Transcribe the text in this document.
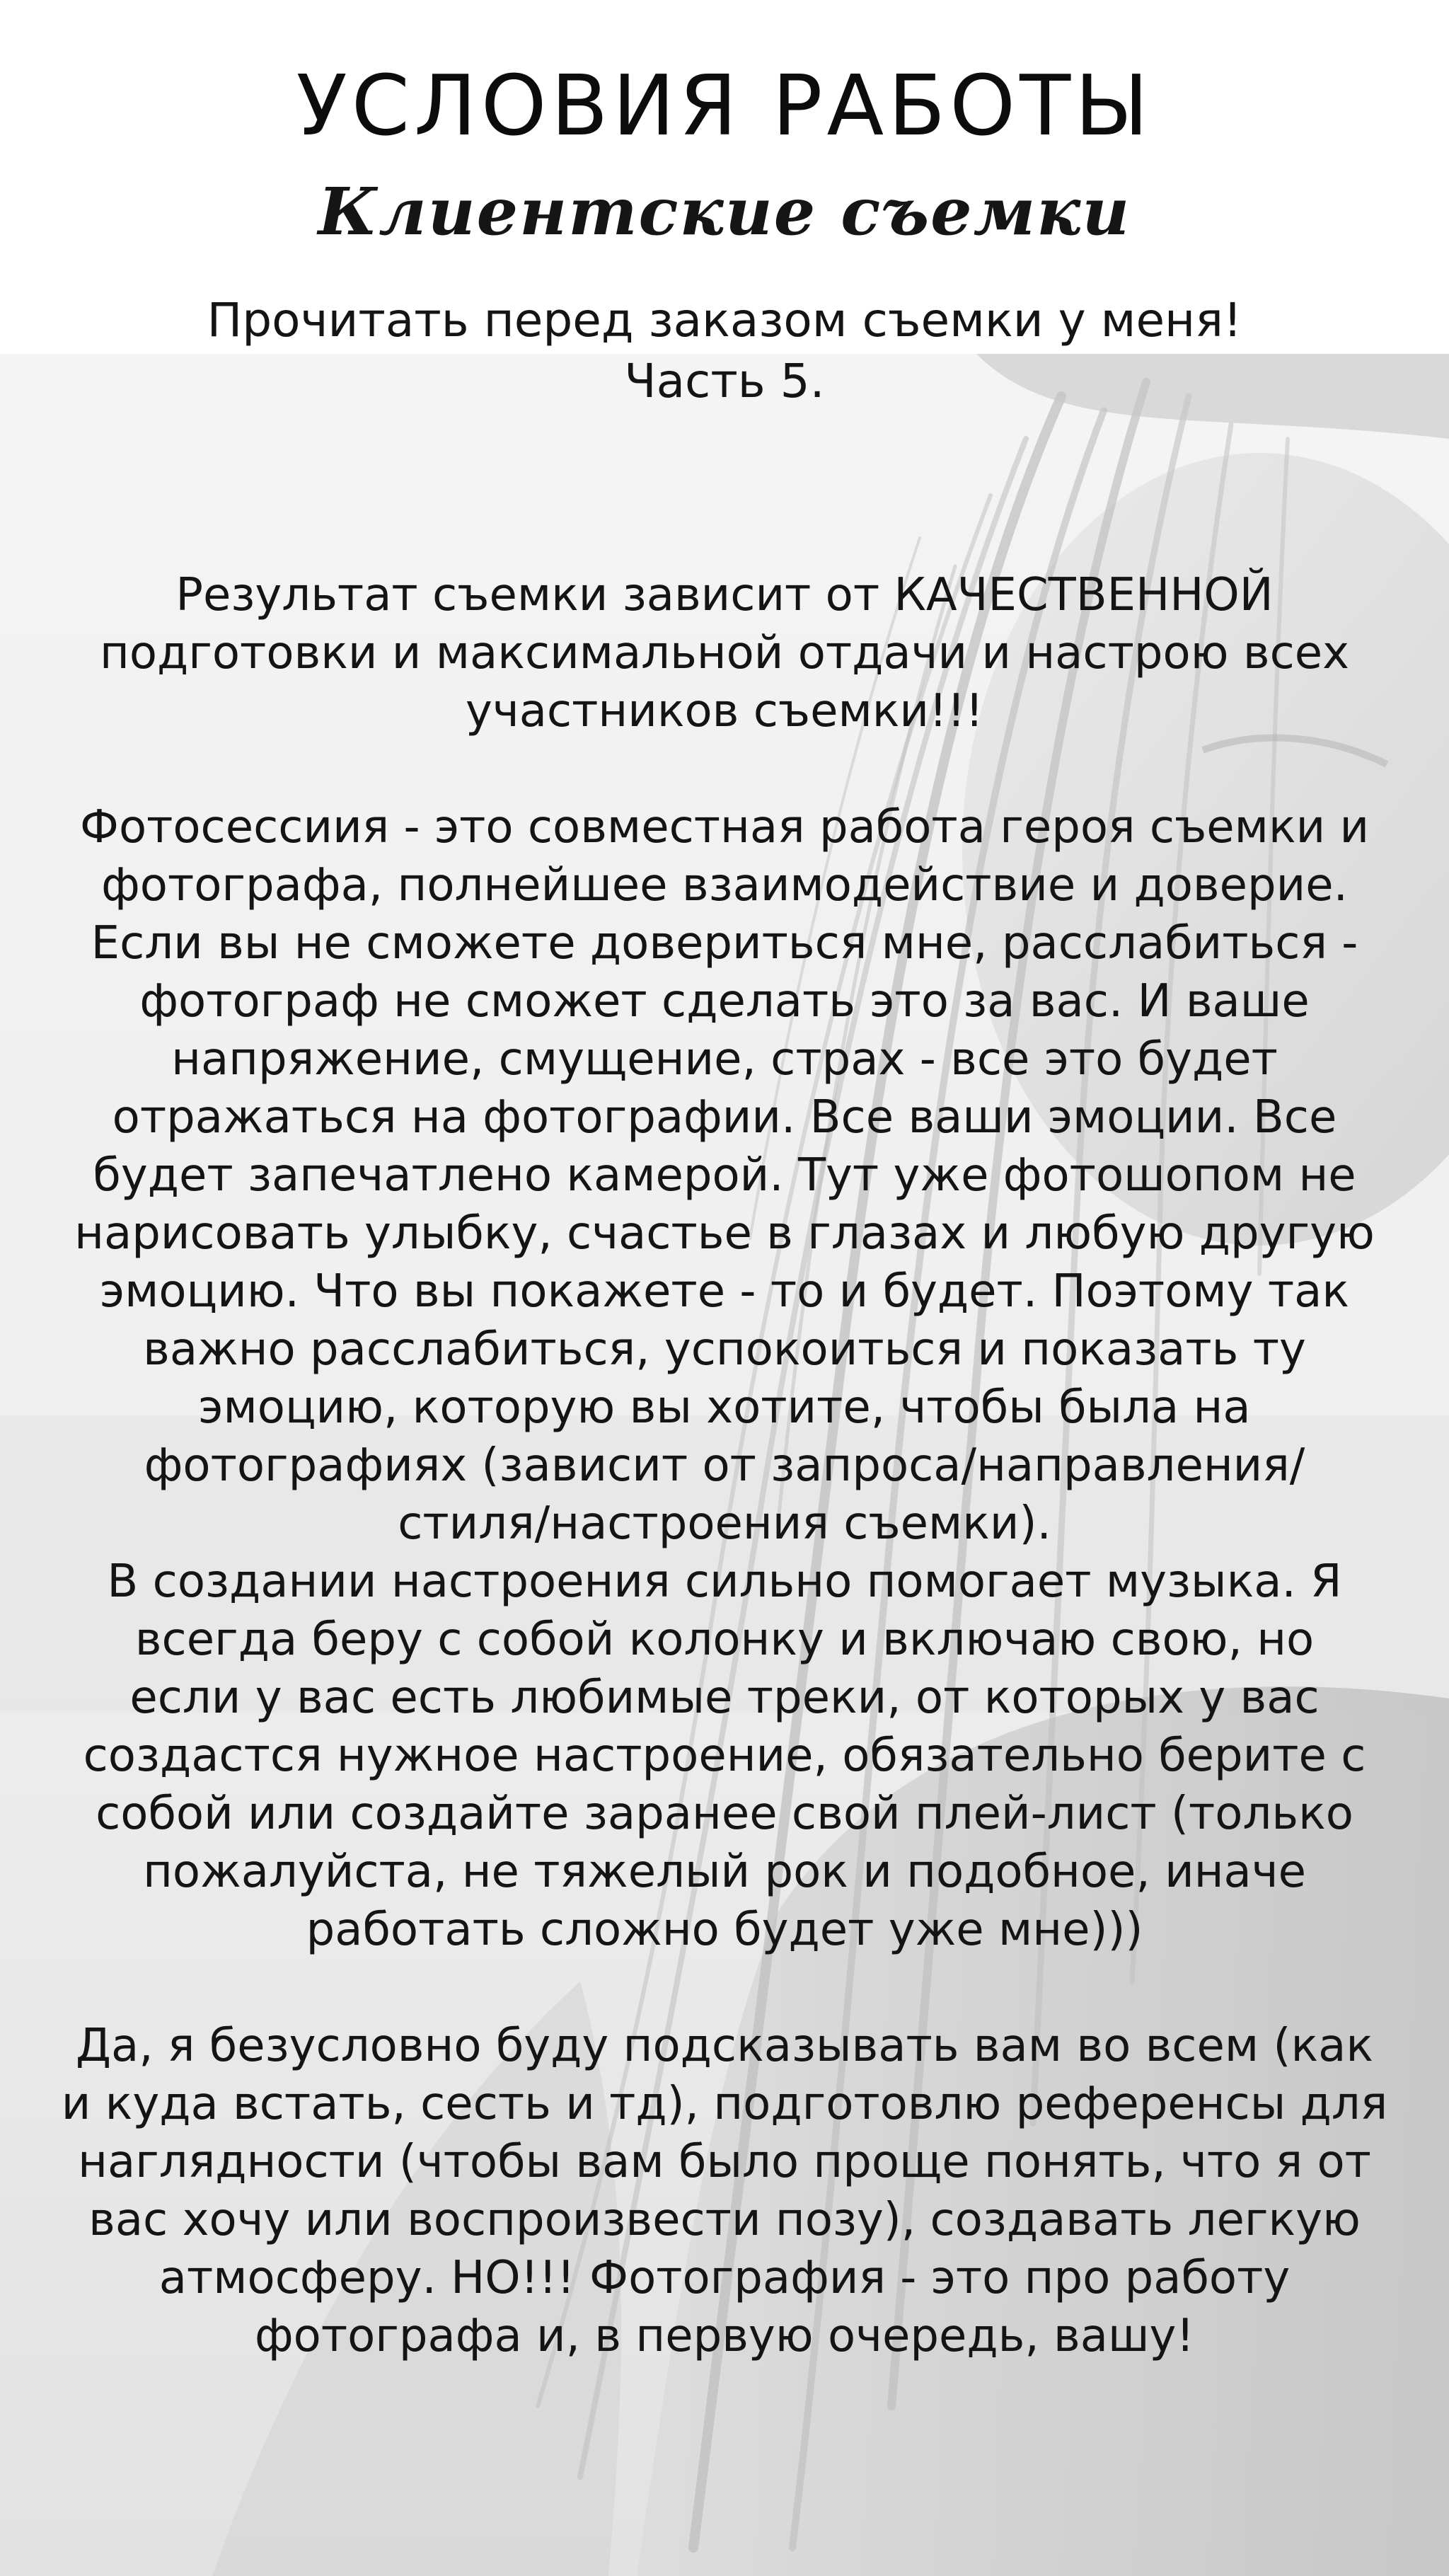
УСЛОВИЯ РАБОТЫ
Клиентские съемки
Прочитать перед заказом съемки у меня!
Часть 5.
Результат съемки зависит от КАЧЕСТВЕННОЙ
подготовки и максимальной отдачи и настрою всех
участников съемки!!!
Фотосессиия - это совместная работа героя съемки и
фотографа, полнейшее взаимодействие и доверие.
Если вы не сможете довериться мне, расслабиться -
фотограф не сможет сделать это за вас. И ваше
напряжение, смущение, страх - все это будет
отражаться на фотографии. Все ваши эмоции. Все
будет запечатлено камерой. Тут уже фотошопом не
нарисовать улыбку, счастье в глазах и любую другую
эмоцию. Что вы покажете - то и будет. Поэтому так
важно расслабиться, успокоиться и показать ту
эмоцию, которую вы хотите, чтобы была на
фотографиях (зависит от запроса/направления/
стиля/настроения съемки).
В создании настроения сильно помогает музыка. Я
всегда беру с собой колонку и включаю свою, но
если у вас есть любимые треки, от которых у вас
создастся нужное настроение, обязательно берите с
собой или создайте заранее свой плей-лист (только
пожалуйста, не тяжелый рок и подобное, иначе
работать сложно будет уже мне)))
Да, я безусловно буду подсказывать вам во всем (как
и куда встать, сесть и тд), подготовлю референсы для
наглядности (чтобы вам было проще понять, что я от
вас хочу или воспроизвести позу), создавать легкую
атмосферу. НО!!! Фотография - это про работу
фотографа и, в первую очередь, вашу!
